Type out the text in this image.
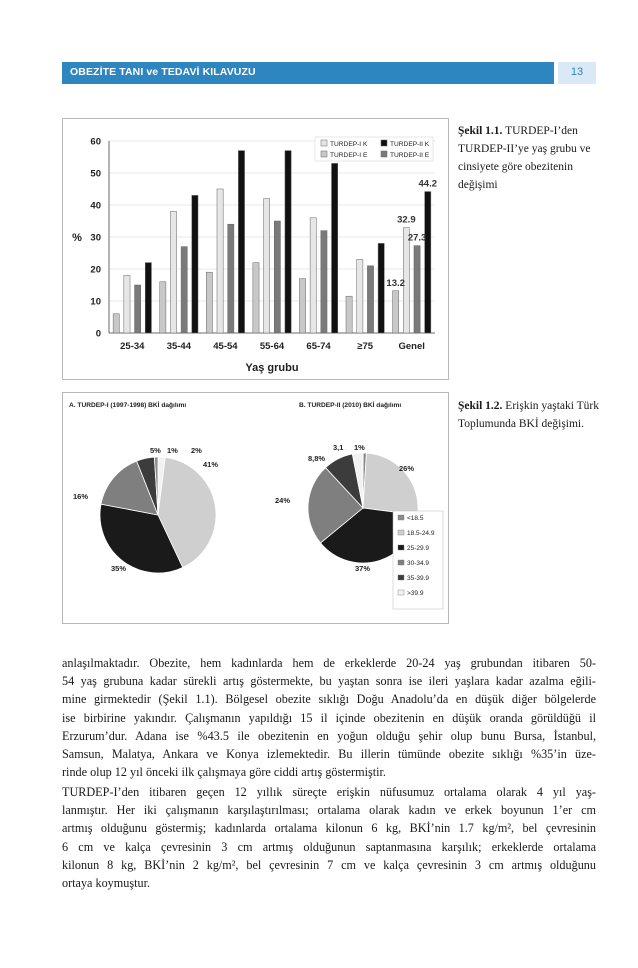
OBEZİTE TANI ve TEDAVİ KILAVUZU	13
0
10
20
30
40
50
60
%
Yaş grubu
25-34 35-44 45-54 55-64 65-74	≥75	Genel
44.2
32.9
27.3
13.2
TURDEP-I K	TURDEP-II K
TURDEP-I E	TURDEP-II E
Şekil 1.1. TURDEP-I’den TURDEP-II’ye yaş grubu ve cinsiyete göre obezitenin değişimi
A. TURDEP-I (1997-1998) BKİ dağılımı
1%
41%
35%
16%
5%	2%
B. TURDEP-II (2010) BKİ dağılımı
1%
26%
37%
24%
8,8%
3,1
<18.5
18.5-24.9
25-29.9
30-34.9
35-39.9
>39.9
Şekil 1.2. Erişkin yaştaki Türk Toplumunda BKİ değişimi.
anlaşılmaktadır. Obezite, hem kadınlarda hem de erkeklerde 20-24 yaş grubundan itibaren 50-
54 yaş grubuna kadar sürekli artış göstermekte, bu yaştan sonra ise ileri yaşlara kadar azalma eğili-
mine girmektedir (Şekil 1.1). Bölgesel obezite sıklığı Doğu Anadolu’da en düşük diğer bölgelerde
ise birbirine yakındır. Çalışmanın yapıldığı 15 il içinde obezitenin en düşük oranda görüldüğü il
Erzurum’dur. Adana ise %43.5 ile obezitenin en yoğun olduğu şehir olup bunu Bursa, İstanbul,
Samsun, Malatya, Ankara ve Konya izlemektedir. Bu illerin tümünde obezite sıklığı %35’in üze-
rinde olup 12 yıl önceki ilk çalışmaya göre ciddi artış göstermiştir.
TURDEP-I’den itibaren geçen 12 yıllık süreçte erişkin nüfusumuz ortalama olarak 4 yıl yaş-
lanmıştır. Her iki çalışmanın karşılaştırılması; ortalama olarak kadın ve erkek boyunun 1’er cm
artmış olduğunu göstermiş; kadınlarda ortalama kilonun 6 kg, BKİ’nin 1.7 kg/m², bel çevresinin
6 cm ve kalça çevresinin 3 cm artmış olduğunun saptanmasına karşılık; erkeklerde ortalama
kilonun 8 kg, BKİ’nin 2 kg/m², bel çevresinin 7 cm ve kalça çevresinin 3 cm artmış olduğunu
ortaya koymuştur.
